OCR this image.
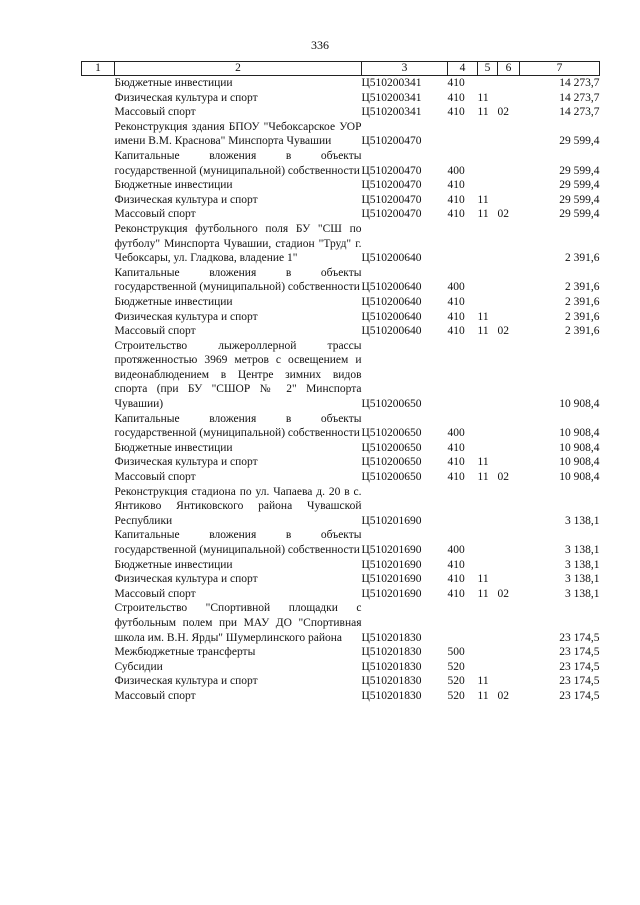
336
1	2	3	4	5	6	7
	Бюджетные инвестиции	Ц510200341	410			14 273,7
	Физическая культура и спорт	Ц510200341	410	11		14 273,7
	Массовый спорт	Ц510200341	410	11	02	14 273,7
	Реконструкция здания БПОУ "Чебоксарское УОР имени В.М. Краснова" Минспорта Чувашии	Ц510200470				29 599,4
	Капитальные вложения в объекты государственной (муниципальной) собственности	Ц510200470	400			29 599,4
	Бюджетные инвестиции	Ц510200470	410			29 599,4
	Физическая культура и спорт	Ц510200470	410	11		29 599,4
	Массовый спорт	Ц510200470	410	11	02	29 599,4
	Реконструкция футбольного поля БУ "СШ по футболу" Минспорта Чувашии, стадион "Труд" г. Чебоксары, ул. Гладкова, владение 1"	Ц510200640				2 391,6
	Капитальные вложения в объекты государственной (муниципальной) собственности	Ц510200640	400			2 391,6
	Бюджетные инвестиции	Ц510200640	410			2 391,6
	Физическая культура и спорт	Ц510200640	410	11		2 391,6
	Массовый спорт	Ц510200640	410	11	02	2 391,6
	Строительство лыжероллерной трассы протяженностью 3969 метров с освещением и видеонаблюдением в Центре зимних видов спорта (при БУ "СШОР № 2" Минспорта Чувашии)	Ц510200650				10 908,4
	Капитальные вложения в объекты государственной (муниципальной) собственности	Ц510200650	400			10 908,4
	Бюджетные инвестиции	Ц510200650	410			10 908,4
	Физическая культура и спорт	Ц510200650	410	11		10 908,4
	Массовый спорт	Ц510200650	410	11	02	10 908,4
	Реконструкция стадиона по ул. Чапаева д. 20 в с. Янтиково Янтиковского района Чувашской Республики	Ц510201690				3 138,1
	Капитальные вложения в объекты государственной (муниципальной) собственности	Ц510201690	400			3 138,1
	Бюджетные инвестиции	Ц510201690	410			3 138,1
	Физическая культура и спорт	Ц510201690	410	11		3 138,1
	Массовый спорт	Ц510201690	410	11	02	3 138,1
	Строительство "Спортивной площадки с футбольным полем при МАУ ДО "Спортивная школа им. В.Н. Ярды" Шумерлинского района	Ц510201830				23 174,5
	Межбюджетные трансферты	Ц510201830	500			23 174,5
	Субсидии	Ц510201830	520			23 174,5
	Физическая культура и спорт	Ц510201830	520	11		23 174,5
	Массовый спорт	Ц510201830	520	11	02	23 174,5
